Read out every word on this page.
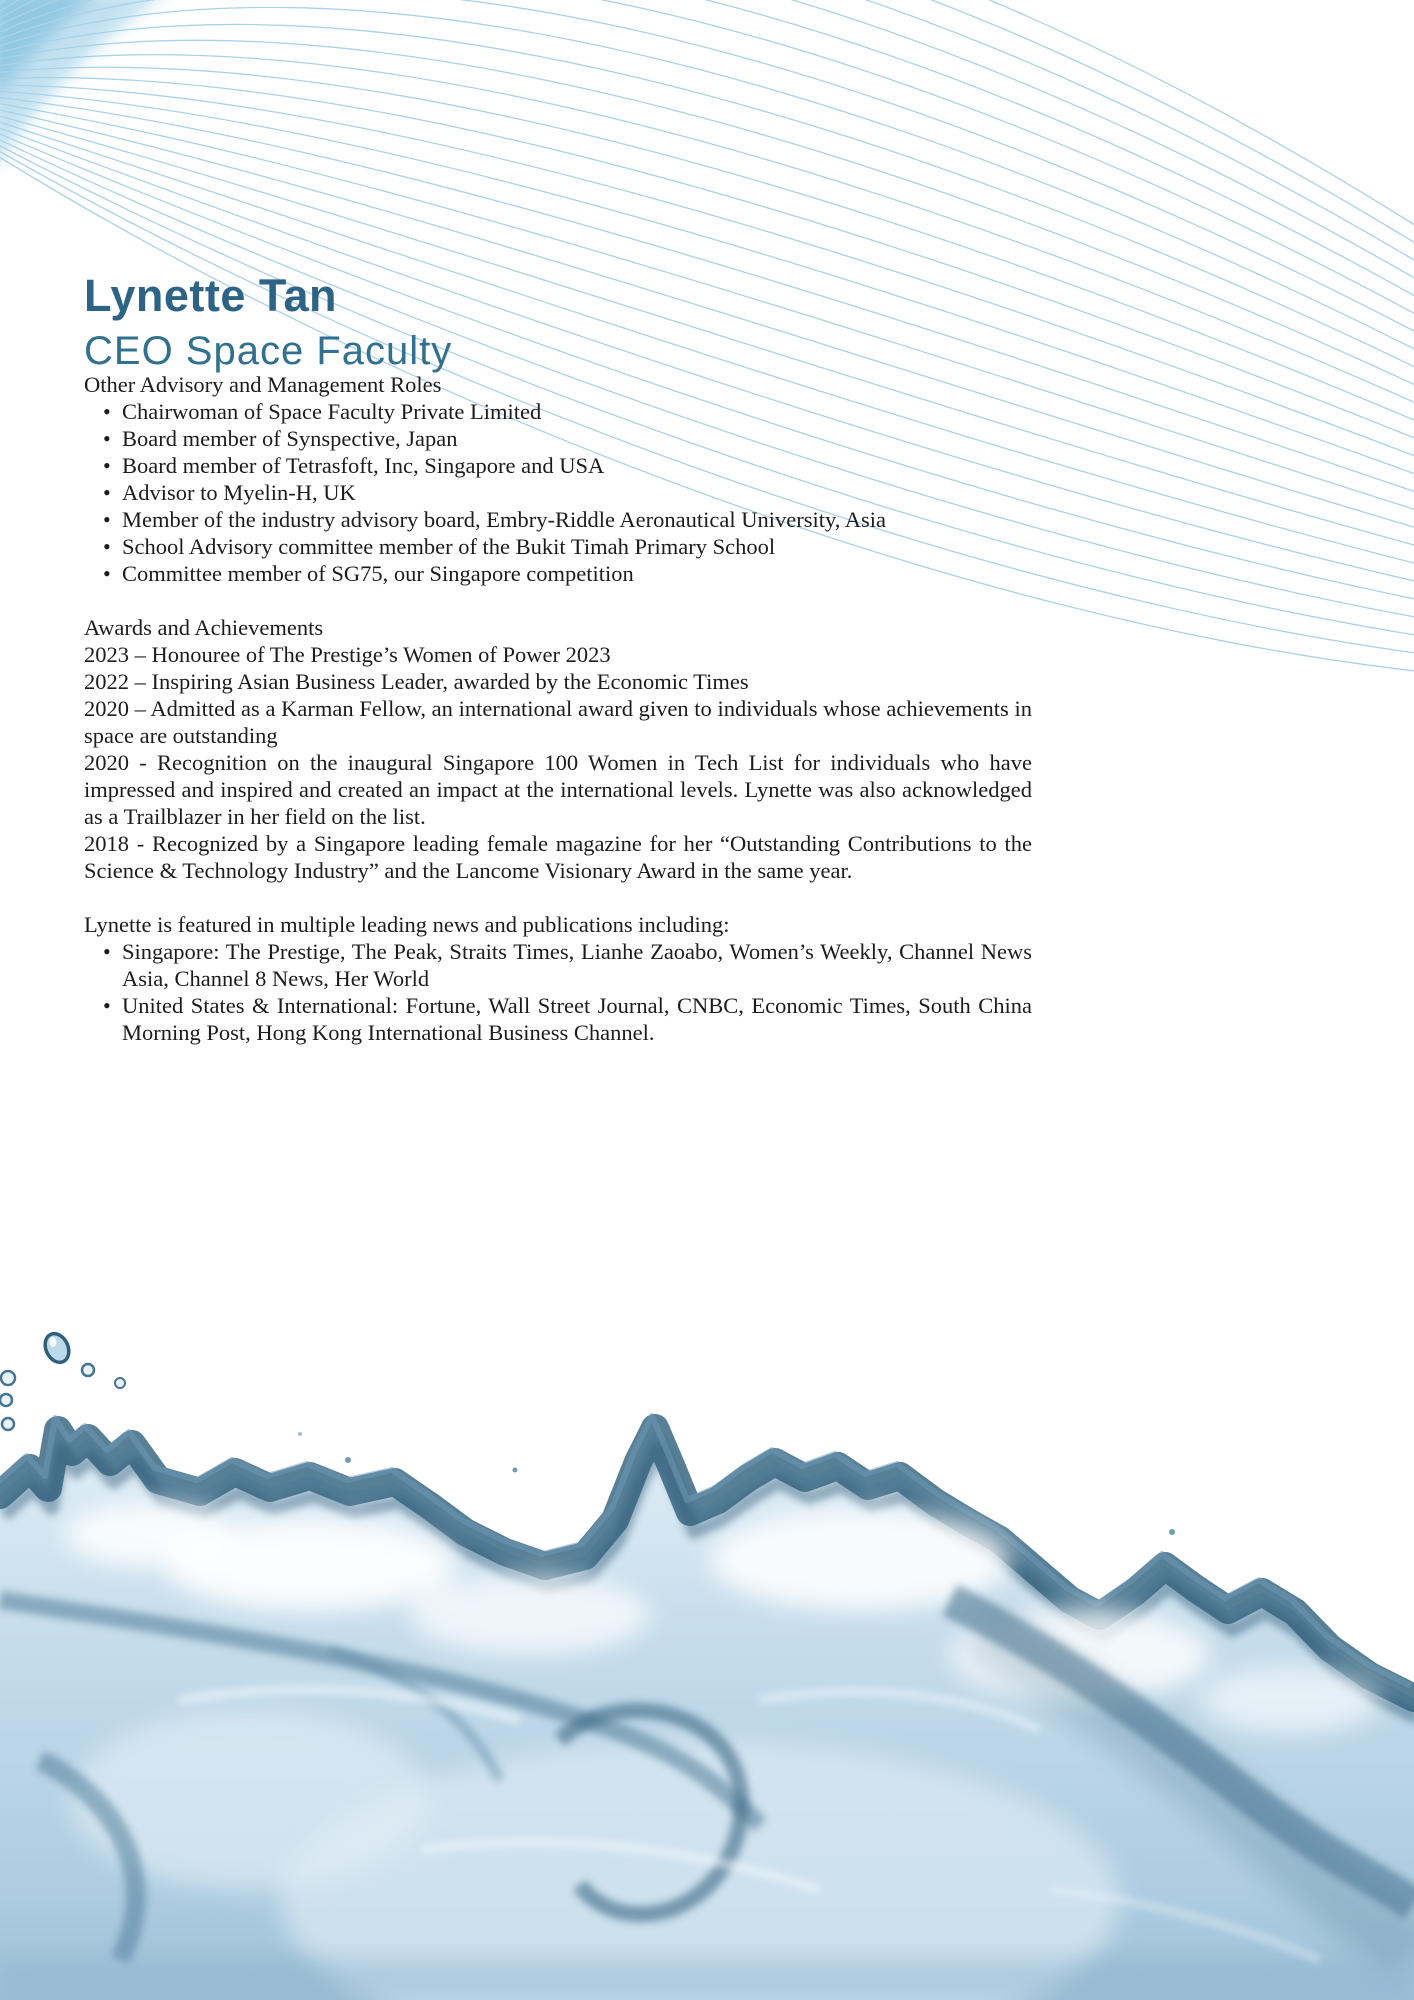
Lynette Tan
CEO Space Faculty

Other Advisory and Management Roles

• Chairwoman of Space Faculty Private Limited
• Board member of Synspective, Japan
• Board member of Tetrasfoft, Inc, Singapore and USA
• Advisor to Myelin-H, UK
• Member of the industry advisory board, Embry-Riddle Aeronautical University, Asia
• School Advisory committee member of the Bukit Timah Primary School
• Committee member of SG75, our Singapore competition

Awards and Achievements

2023 – Honouree of The Prestige’s Women of Power 2023

2022 – Inspiring Asian Business Leader, awarded by the Economic Times

2020 – Admitted as a Karman Fellow, an international award given to individuals whose achievements in space are outstanding

2020 - Recognition on the inaugural Singapore 100 Women in Tech List for individuals who have impressed and inspired and created an impact at the international levels. Lynette was also acknowledged as a Trailblazer in her field on the list.

2018 - Recognized by a Singapore leading female magazine for her “Outstanding Contributions to the Science & Technology Industry” and the Lancome Visionary Award in the same year.

Lynette is featured in multiple leading news and publications including:

• Singapore: The Prestige, The Peak, Straits Times, Lianhe Zaoabo, Women’s Weekly, Channel News Asia, Channel 8 News, Her World
• United States & International: Fortune, Wall Street Journal, CNBC, Economic Times, South China Morning Post, Hong Kong International Business Channel.
